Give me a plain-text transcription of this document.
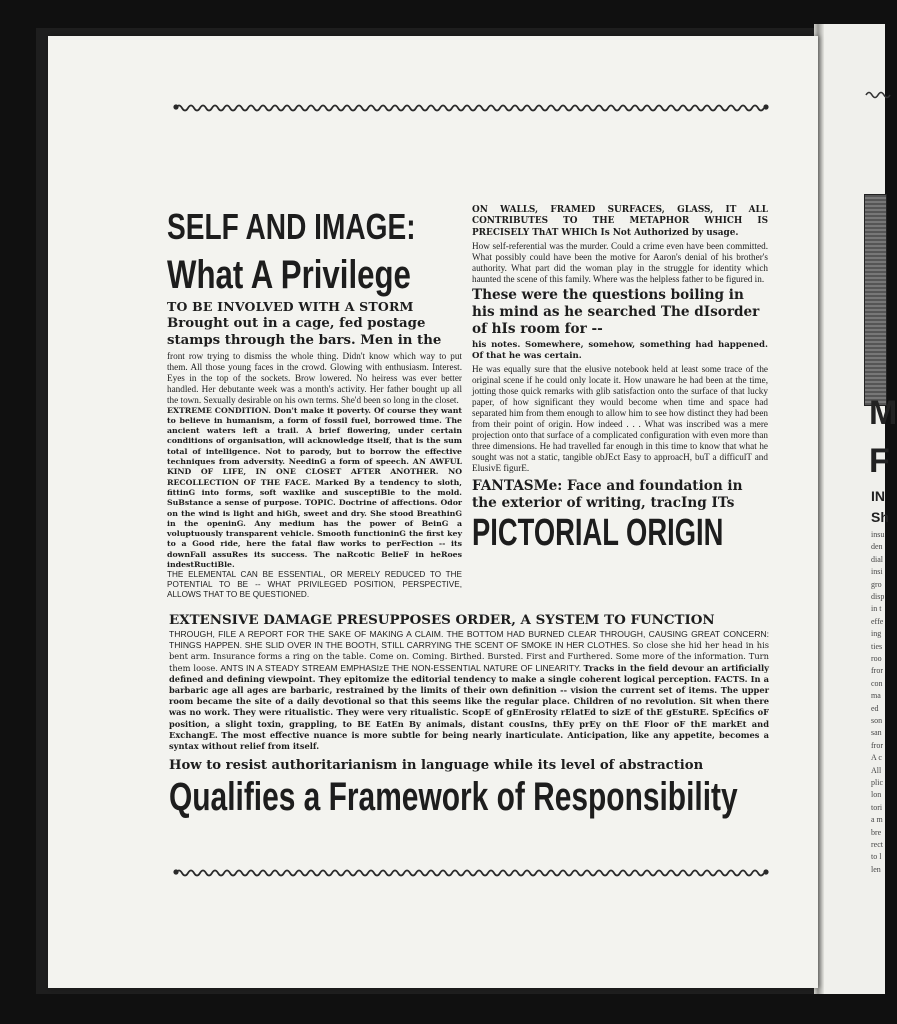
M
F
IN
Sh
insu
den
dial
insi
gro
disp
in t
effe
ing
ties
roo
fror
con
ma
ed
son
san
fror
A c
All
plic
lon
tori
a m
bre
rect
to l
len
SELF AND IMAGE:
What A Privilege
TO BE INVOLVED WITH A STORM
Brought out in a cage, fed postage stamps through the bars. Men in the
front row trying to dismiss the whole thing. Didn't know which way to put them. All those young faces in the crowd. Glowing with enthusiasm. Interest. Eyes in the top of the sockets. Brow lowered. No heiress was ever better handled. Her debutante week was a month's activity. Her father bought up all the town. Sexually desirable on his own terms. She'd been so long in the closet.
EXTREME CONDITION. Don't make it poverty. Of course they want to believe in humanism, a form of fossil fuel, borrowed time. The ancient waters left a trail. A brief flowering, under certain conditions of organisation, will acknowledge itself, that is the sum total of intelligence. Not to parody, but to borrow the effective techniques from adversity. NeedinG a form of speech. AN AWFUL KIND OF LIFE, IN ONE CLOSET AFTER ANOTHER. NO RECOLLECTION OF THE FACE. Marked By a tendency to sloth, fittinG into forms, soft waxlike and susceptiBle to the mold. SuBstance a sense of purpose. TOPIC. Doctrine of affections. Odor on the wind is light and hiGh, sweet and dry. She stood BreathinG in the openinG. Any medium has the power of BeinG a voluptuously transparent vehicle. Smooth functioninG the first key to a Good ride, here the fatal flaw works to perFection -- its downFall assuRes its success. The naRcotic BelieF in heRoes indestRuctiBle.
THE ELEMENTAL CAN BE ESSENTIAL, OR MERELY REDUCED TO THE POTENTIAL TO BE -- WHAT PRIVILEGED POSITION, PERSPECTIVE, ALLOWS THAT TO BE QUESTIONED.
ON WALLS, FRAMED SURFACES, GLASS, IT ALL CONTRIBUTES TO THE METAPHOR WHICH IS PRECISELY ThAT WHICh Is Not Authorized by usage.
How self-referential was the murder. Could a crime even have been committed. What possibly could have been the motive for Aaron's denial of his brother's authority. What part did the woman play in the struggle for identity which haunted the scene of this family. Where was the helpless father to be figured in.
These were the questions boiling in his mind as he searched The dIsorder of hIs room for --
his notes. Somewhere, somehow, something had happened. Of that he was certain.
He was equally sure that the elusive notebook held at least some trace of the original scene if he could only locate it. How unaware he had been at the time, jotting those quick remarks with glib satisfaction onto the surface of that lucky paper, of how significant they would become when time and space had separated him from them enough to allow him to see how distinct they had been from their point of origin. How indeed . . . What was inscribed was a mere projection onto that surface of a complicated configuration with even more than three dimensions. He had travelled far enough in this time to know that what he sought was not a static, tangible obJEct Easy to approacH, buT a difficulT and ElusivE figurE.
FANTASMe: Face and foundation in the exterior of writing, tracIng ITs
PICTORIAL ORIGIN
EXTENSIVE DAMAGE PRESUPPOSES ORDER, A SYSTEM TO FUNCTION
THROUGH, FILE A REPORT FOR THE SAKE OF MAKING A CLAIM. THE BOTTOM HAD BURNED CLEAR THROUGH, CAUSING GREAT CONCERN: THINGS HAPPEN. SHE SLID OVER IN THE BOOTH, STILL CARRYING THE SCENT OF SMOKE IN HER CLOTHES. So close she hid her head in his bent arm. Insurance forms a ring on the table. Come on. Coming. Birthed. Bursted. First and Furthered. Some more of the information. Turn them loose. ANTS IN A STEADY STREAM EMPHASIzE THE NON-ESSENTIAL NATURE OF LINEARITY. Tracks in the field devour an artificially defined and defining viewpoint. They epitomize the editorial tendency to make a single coherent logical perception. FACTS. In a barbaric age all ages are barbaric, restrained by the limits of their own definition -- vision the current set of items. The upper room became the site of a daily devotional so that this seems like the regular place. Children of no revolution. Sit when there was no work. They were ritualistic. They were very ritualistic. ScopE of gEnErosity rElatEd to sizE of thE gEstuRE. SpEcifics oF position, a slight toxin, grappling, to BE EatEn By animals, distant cousIns, thEy prEy on thE Floor oF thE markEt and ExchangE. The most effective nuance is more subtle for being nearly inarticulate. Anticipation, like any appetite, becomes a syntax without relief from itself.
How to resist authoritarianism in language while its level of abstraction
Qualifies a Framework of Responsibility
